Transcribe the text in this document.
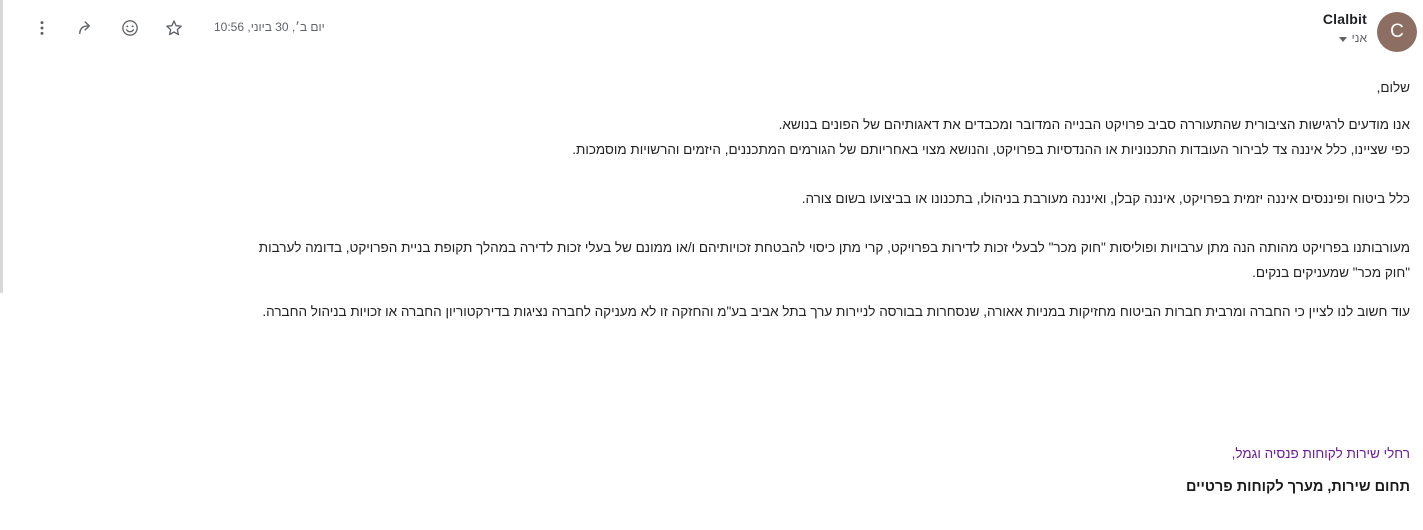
C
Clalbit
אני
יום ב׳, 30 ביוני, 10:56
שלום,
אנו מודעים לרגישות הציבורית שהתעוררה סביב פרויקט הבנייה המדובר ומכבדים את דאגותיהם של הפונים בנושא.
כפי שציינו, כלל איננה צד לבירור העובדות התכנוניות או ההנדסיות בפרויקט, והנושא מצוי באחריותם של הגורמים המתכננים, היזמים והרשויות מוסמכות.
כלל ביטוח ופיננסים איננה יזמית בפרויקט, איננה קבלן, ואיננה מעורבת בניהולו, בתכנונו או בביצועו בשום צורה.
מעורבותנו בפרויקט מהותה הנה מתן ערבויות ופוליסות "חוק מכר" לבעלי זכות לדירות בפרויקט, קרי מתן כיסוי להבטחת זכויותיהם ו/או ממונם של בעלי זכות לדירה במהלך תקופת בניית הפרויקט, בדומה לערבות
"חוק מכר" שמעניקים בנקים.
עוד חשוב לנו לציין כי החברה ומרבית חברות הביטוח מחזיקות במניות אאורה, שנסחרות בבורסה לניירות ערך בתל אביב בע"מ והחזקה זו לא מעניקה לחברה נציגות בדירקטוריון החברה או זכויות בניהול החברה.
רחלי שירות לקוחות פנסיה וגמל,
תחום שירות, מערך לקוחות פרטיים
